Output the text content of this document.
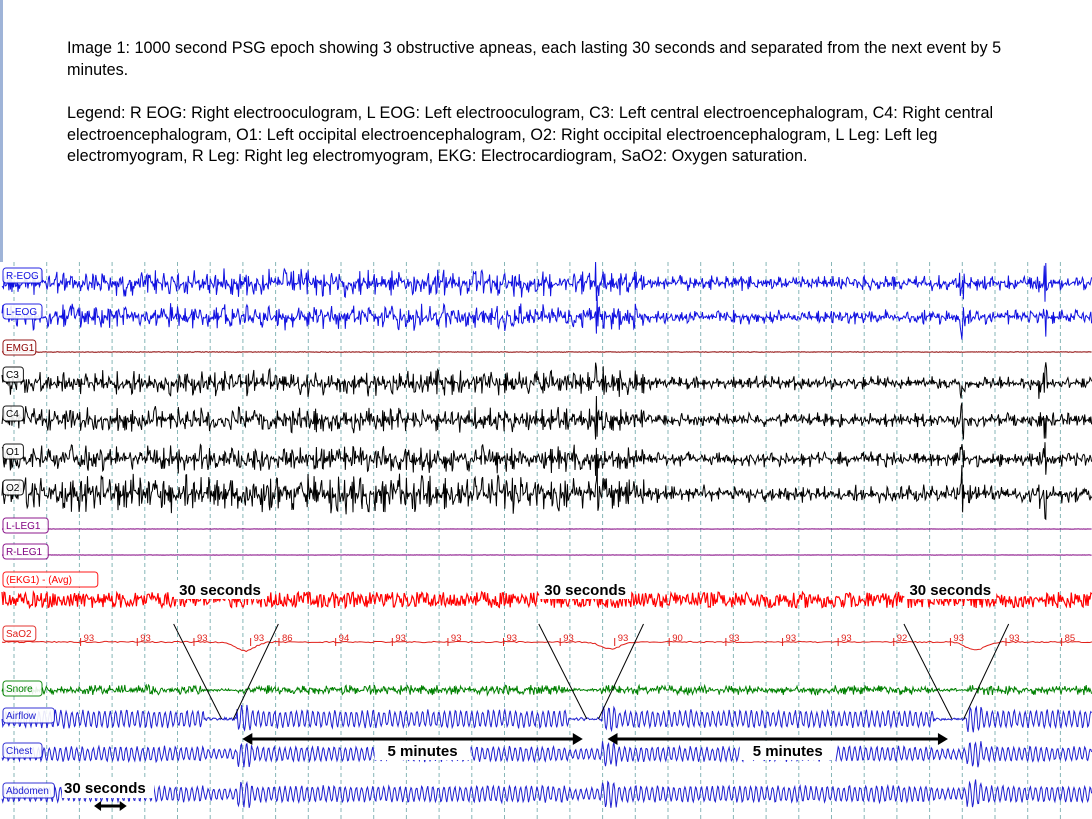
Image 1: 1000 second PSG epoch showing 3 obstructive apneas, each lasting 30 seconds and separated from the next event by 5 minutes.

Legend: R EOG: Right electrooculogram, L EOG: Left electrooculogram, C3: Left central electroencephalogram, C4: Right central electroencephalogram, O1: Left occipital electroencephalogram, O2: Right occipital electroencephalogram, L Leg: Left leg electromyogram, R Leg: Right leg electromyogram, EKG: Electrocardiogram, SaO2: Oxygen saturation.

R-EOG
L-EOG
EMG1
C3
C4
O1
O2
L-LEG1
R-LEG1
(EKG1) - (Avg)
SaO2
Snore
Airflow
Chest
Abdomen
93	93	93	93 86	94	93	93	93	93	93	90	93	93	93	92	93	93	85
30 seconds	30 seconds	30 seconds
5 minutes	5 minutes
30 seconds
